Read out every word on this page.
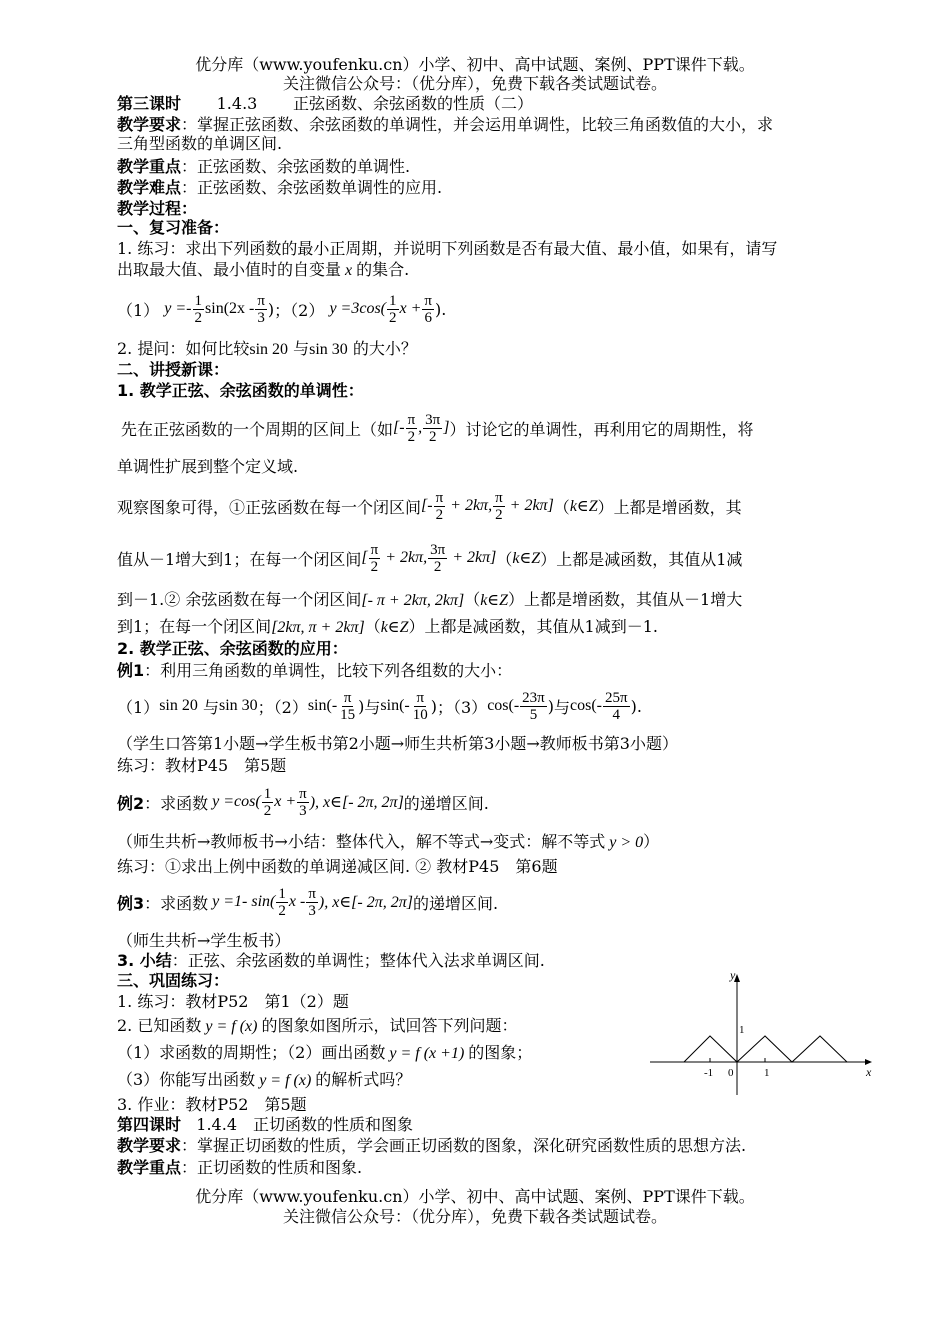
优分库（www.youfenku.cn）小学、初中、高中试题、案例、PPT课件下载。
关注微信公众号：（优分库），免费下载各类试题试卷。
第三课时 1.4.3 正弦函数、余弦函数的性质（二）
教学要求：掌握正弦函数、余弦函数的单调性，并会运用单调性，比较三角函数值的大小，求
三角型函数的单调区间.
教学重点：正弦函数、余弦函数的单调性.
教学难点：正弦函数、余弦函数单调性的应用.
教学过程：
一、复习准备：
1. 练习：求出下列函数的最小正周期，并说明下列函数是否有最大值、最小值，如果有，请写
出取最大值、最小值时的自变量 x 的集合.
（1）
$y =- \frac{1}{2} \sin(2x - \frac{\pi}{3}$ ) ；（2）
$y =3\cos( \frac{1}{2}$ $x + \frac{\pi}{6}$ ).
2. 提问：如何比较sin 20 与sin 30 的大小？
二、讲授新课：
1. 教学正弦、余弦函数的单调性：
先在正弦函数的一个周期的区间上（如 [- $\frac{\pi}{2}$ , $\frac{3\pi}{2}$ ] ）讨论它的单调性，再利用它的周期性，将
单调性扩展到整个定义域.
观察图象可得，①正弦函数在每一个闭区间 [- $\frac{\pi}{2} + 2k\pi$, $\frac{\pi}{2} + 2k\pi$] （ k∈Z ）上都是增函数，其
值从－1增大到1；在每一个闭区间 [ $\frac{\pi}{2} + 2k\pi$, $\frac{3\pi}{2} + 2k\pi$] （ k∈Z ）上都是减函数，其值从1减
到－1.② 余弦函数在每一个闭区间[- π + 2kπ, 2kπ]（k∈Z）上都是增函数，其值从－1增大
到1；在每一个闭区间[2kπ, π + 2kπ]（k∈Z）上都是减函数，其值从1减到－1.
2. 教学正弦、余弦函数的应用：
例1：利用三角函数的单调性，比较下列各组数的大小：
（1） sin 20
与 sin 30 ；（2） $\sin(- \frac{\pi}{15}$ ) 与 $\sin(- \frac{\pi}{10}$ ) ；（3） $\cos(- \frac{23\pi}{5}$ ) 与 $\cos(- \frac{25\pi}{4}$ ).
（学生口答第1小题→学生板书第2小题→师生共析第3小题→教师板书第3小题）
练习：教材P45　第5题
例2 ：求函数 $y =\cos( \frac{1}{2}$ $x + \frac{\pi}{3}$ ), x∈[- 2π, 2π] 的递增区间.
（师生共析→教师板书→小结：整体代入，解不等式→变式：解不等式 y > 0）
练习：①求出上例中函数的单调递减区间. ② 教材P45　第6题
例3 ：求函数 y =1- $\sin( \frac{1}{2}$ x - $\frac{\pi}{3}$ ), x∈[- 2π, 2π] 的递增区间.
（师生共析→学生板书）
3. 小结：正弦、余弦函数的单调性；整体代入法求单调区间.
三、巩固练习：
1. 练习：教材P52　第1（2）题
2. 已知函数 y = f (x) 的图象如图所示，试回答下列问题：
（1）求函数的周期性；（2）画出函数 y = f (x +1) 的图象；
（3）你能写出函数 y = f (x) 的解析式吗？
3. 作业：教材P52　第5题
第四课时 1.4.4　正切函数的性质和图象
教学要求：掌握正切函数的性质，学会画正切函数的图象，深化研究函数性质的思想方法.
教学重点：正切函数的性质和图象.
优分库（www.youfenku.cn）小学、初中、高中试题、案例、PPT课件下载。
关注微信公众号：（优分库），免费下载各类试题试卷。
y
x
0	1
-1
1
